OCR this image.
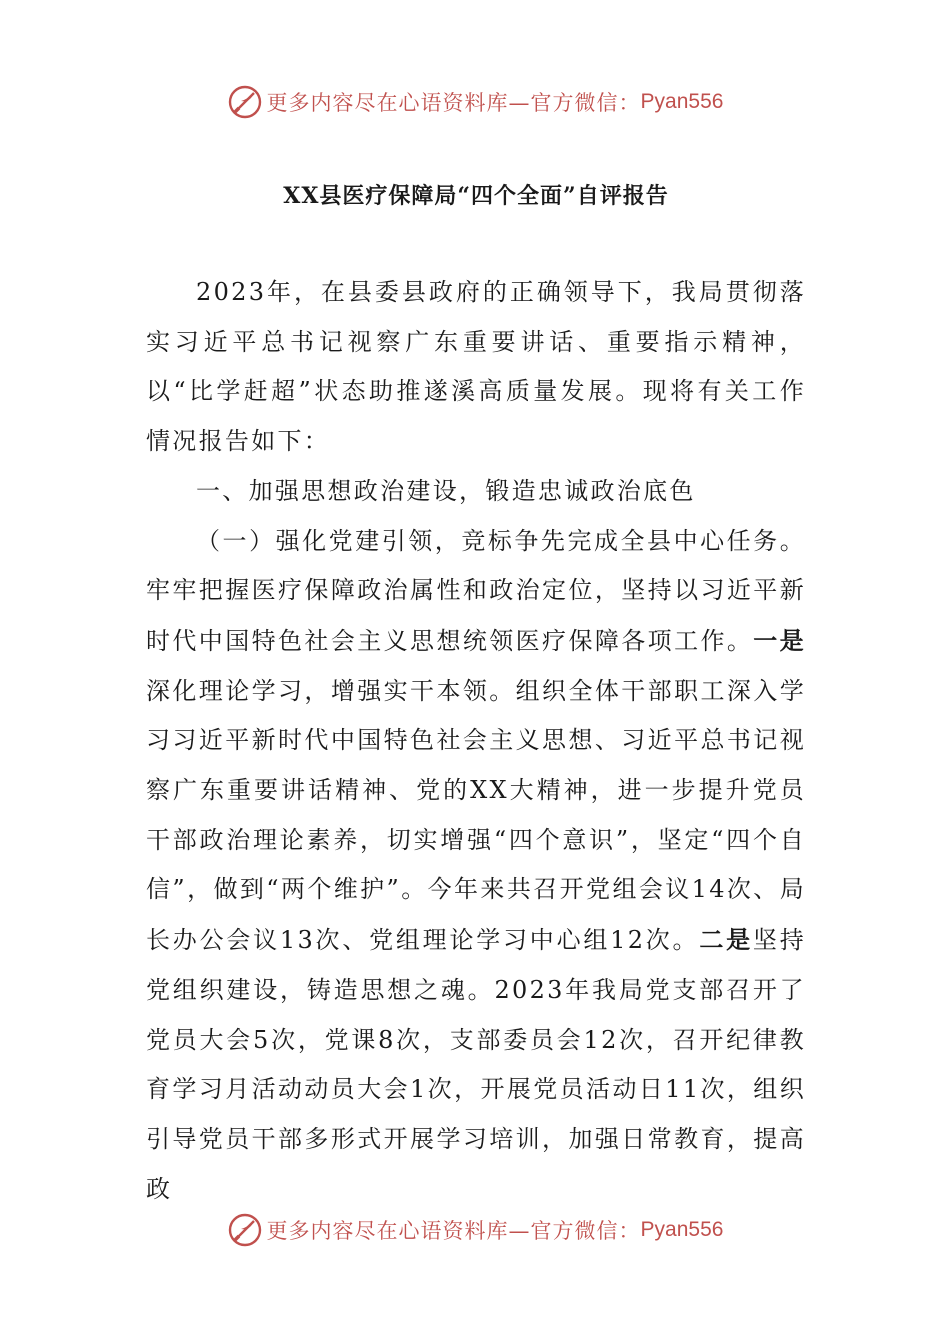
更多内容尽在心语资料库—官方微信： Pyan556
XX县医疗保障局“四个全面”自评报告

2023年，在县委县政府的正确领导下，我局贯彻落实习近平总书记视察广东重要讲话、重要指示精神，以“比学赶超”状态助推遂溪高质量发展。现将有关工作情况报告如下：

一、加强思想政治建设，锻造忠诚政治底色

（一）强化党建引领，竞标争先完成全县中心任务。牢牢把握医疗保障政治属性和政治定位，坚持以习近平新时代中国特色社会主义思想统领医疗保障各项工作。一是深化理论学习，增强实干本领。组织全体干部职工深入学习习近平新时代中国特色社会主义思想、习近平总书记视察广东重要讲话精神、党的XX大精神，进一步提升党员干部政治理论素养，切实增强“四个意识”，坚定“四个自信”，做到“两个维护”。今年来共召开党组会议14次、局长办公会议13次、党组理论学习中心组12次。二是坚持党组织建设，铸造思想之魂。2023年我局党支部召开了党员大会5次，党课8次，支部委员会12次，召开纪律教育学习月活动动员大会1次，开展党员活动日11次，组织引导党员干部多形式开展学习培训，加强日常教育，提高政

更多内容尽在心语资料库—官方微信： Pyan556
